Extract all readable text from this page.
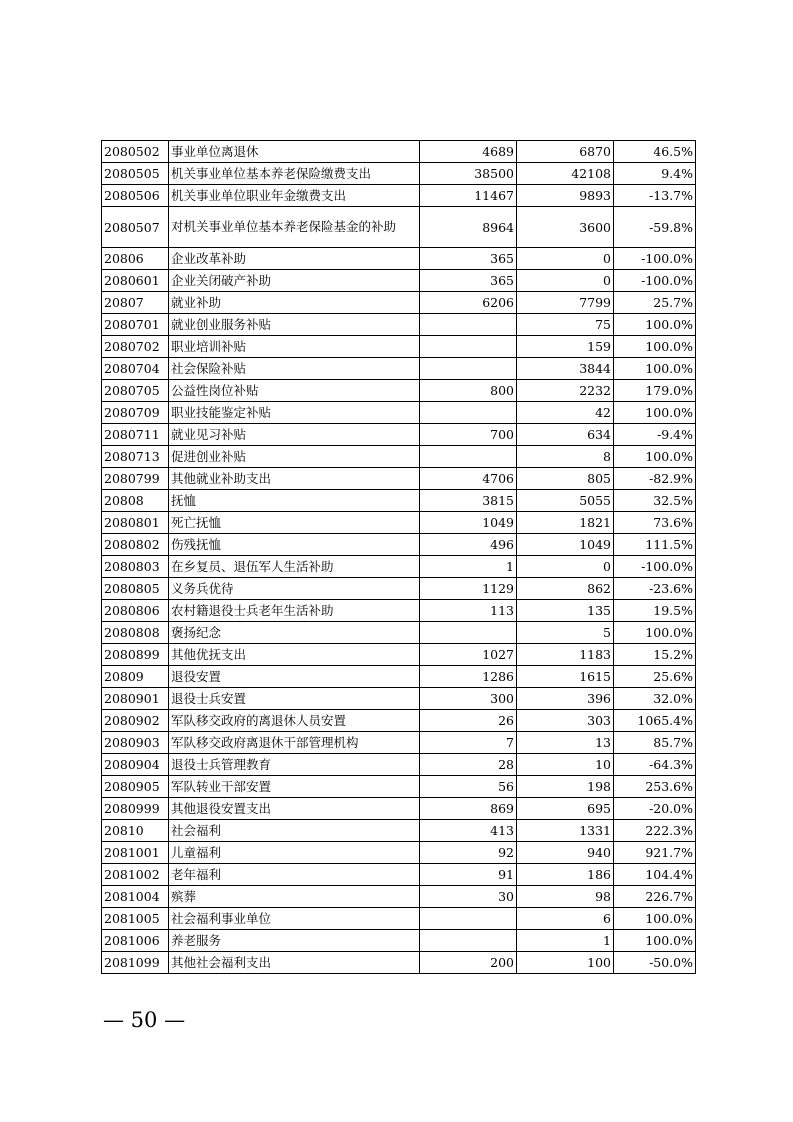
2080502	事业单位离退休	4689	6870	46.5%
2080505	机关事业单位基本养老保险缴费支出	38500	42108	9.4%
2080506	机关事业单位职业年金缴费支出	11467	9893	-13.7%
2080507	对机关事业单位基本养老保险基金的补助	8964	3600	-59.8%
20806	企业改革补助	365	0	-100.0%
2080601	企业关闭破产补助	365	0	-100.0%
20807	就业补助	6206	7799	25.7%
2080701	就业创业服务补贴		75	100.0%
2080702	职业培训补贴		159	100.0%
2080704	社会保险补贴		3844	100.0%
2080705	公益性岗位补贴	800	2232	179.0%
2080709	职业技能鉴定补贴		42	100.0%
2080711	就业见习补贴	700	634	-9.4%
2080713	促进创业补贴		8	100.0%
2080799	其他就业补助支出	4706	805	-82.9%
20808	抚恤	3815	5055	32.5%
2080801	死亡抚恤	1049	1821	73.6%
2080802	伤残抚恤	496	1049	111.5%
2080803	在乡复员、退伍军人生活补助	1	0	-100.0%
2080805	义务兵优待	1129	862	-23.6%
2080806	农村籍退役士兵老年生活补助	113	135	19.5%
2080808	褒扬纪念		5	100.0%
2080899	其他优抚支出	1027	1183	15.2%
20809	退役安置	1286	1615	25.6%
2080901	退役士兵安置	300	396	32.0%
2080902	军队移交政府的离退休人员安置	26	303	1065.4%
2080903	军队移交政府离退休干部管理机构	7	13	85.7%
2080904	退役士兵管理教育	28	10	-64.3%
2080905	军队转业干部安置	56	198	253.6%
2080999	其他退役安置支出	869	695	-20.0%
20810	社会福利	413	1331	222.3%
2081001	儿童福利	92	940	921.7%
2081002	老年福利	91	186	104.4%
2081004	殡葬	30	98	226.7%
2081005	社会福利事业单位		6	100.0%
2081006	养老服务		1	100.0%
2081099	其他社会福利支出	200	100	-50.0%
— 50 —
